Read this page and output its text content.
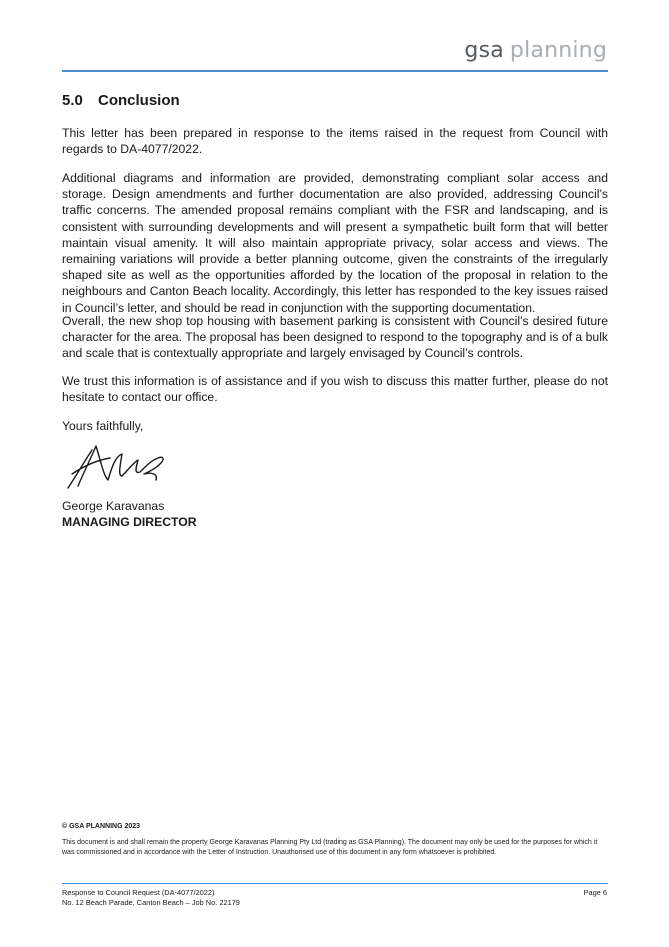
gsa planning
5.0 Conclusion

This letter has been prepared in response to the items raised in the request from Council with regards to DA-4077/2022.

Additional diagrams and information are provided, demonstrating compliant solar access and storage. Design amendments and further documentation are also provided, addressing Council’s traffic concerns. The amended proposal remains compliant with the FSR and landscaping, and is consistent with surrounding developments and will present a sympathetic built form that will better maintain visual amenity. It will also maintain appropriate privacy, solar access and views. The remaining variations will provide a better planning outcome, given the constraints of the irregularly shaped site as well as the opportunities afforded by the location of the proposal in relation to the neighbours and Canton Beach locality. Accordingly, this letter has responded to the key issues raised in Council’s letter, and should be read in conjunction with the supporting documentation.

Overall, the new shop top housing with basement parking is consistent with Council’s desired future character for the area. The proposal has been designed to respond to the topography and is of a bulk and scale that is contextually appropriate and largely envisaged by Council’s controls.

We trust this information is of assistance and if you wish to discuss this matter further, please do not hesitate to contact our office.

Yours faithfully,
George Karavanas
MANAGING DIRECTOR
© GSA PLANNING 2023

This document is and shall remain the property George Karavanas Planning Pty Ltd (trading as GSA Planning). The document may only be used for the purposes for which it was commissioned and in accordance with the Letter of Instruction. Unauthorised use of this document in any form whatsoever is prohibited.

Response to Council Request (DA-4077/2022)
No. 12 Beach Parade, Canton Beach – Job No. 22179
Page 6
